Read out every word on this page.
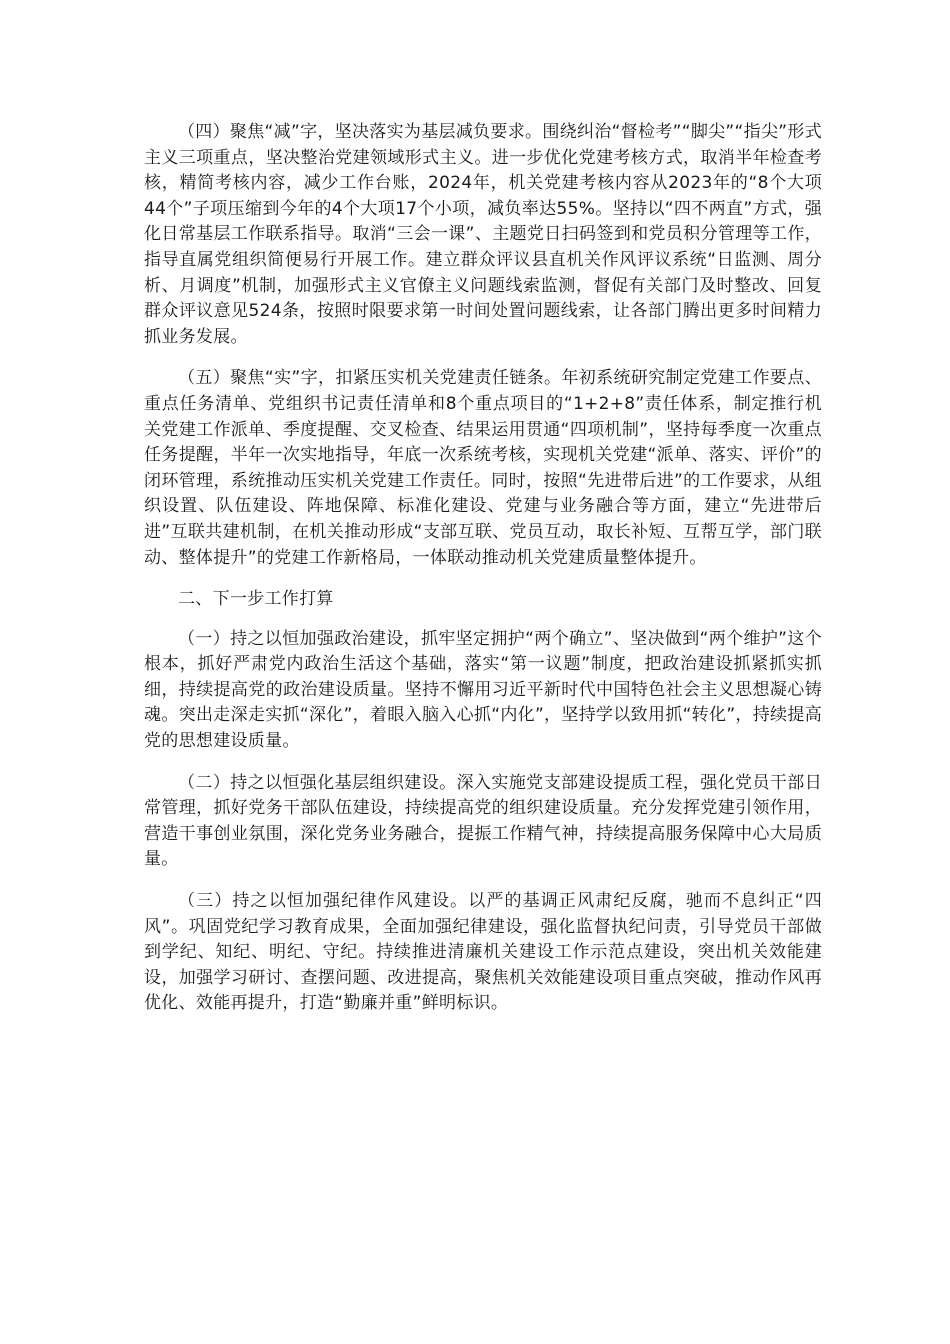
（四）聚焦“减”字，坚决落实为基层减负要求。围绕纠治“督检考”“脚尖”“指尖”形式主义三项重点，坚决整治党建领域形式主义。进一步优化党建考核方式，取消半年检查考核，精简考核内容，减少工作台账，2024年，机关党建考核内容从2023年的“8个大项44个”子项压缩到今年的4个大项17个小项，减负率达55%。坚持以“四不两直”方式，强化日常基层工作联系指导。取消“三会一课”、主题党日扫码签到和党员积分管理等工作，指导直属党组织简便易行开展工作。建立群众评议县直机关作风评议系统“日监测、周分析、月调度”机制，加强形式主义官僚主义问题线索监测，督促有关部门及时整改、回复群众评议意见524条，按照时限要求第一时间处置问题线索，让各部门腾出更多时间精力抓业务发展。

（五）聚焦“实”字，扣紧压实机关党建责任链条。年初系统研究制定党建工作要点、重点任务清单、党组织书记责任清单和8个重点项目的“1+2+8”责任体系，制定推行机关党建工作派单、季度提醒、交叉检查、结果运用贯通“四项机制”，坚持每季度一次重点任务提醒，半年一次实地指导，年底一次系统考核，实现机关党建“派单、落实、评价”的闭环管理，系统推动压实机关党建工作责任。同时，按照“先进带后进”的工作要求，从组织设置、队伍建设、阵地保障、标准化建设、党建与业务融合等方面，建立“先进带后进”互联共建机制，在机关推动形成“支部互联、党员互动，取长补短、互帮互学，部门联动、整体提升”的党建工作新格局，一体联动推动机关党建质量整体提升。

二、下一步工作打算

（一）持之以恒加强政治建设，抓牢坚定拥护“两个确立”、坚决做到“两个维护”这个根本，抓好严肃党内政治生活这个基础，落实“第一议题”制度，把政治建设抓紧抓实抓细，持续提高党的政治建设质量。坚持不懈用习近平新时代中国特色社会主义思想凝心铸魂。突出走深走实抓“深化”，着眼入脑入心抓“内化”，坚持学以致用抓“转化”，持续提高党的思想建设质量。

（二）持之以恒强化基层组织建设。深入实施党支部建设提质工程，强化党员干部日常管理，抓好党务干部队伍建设，持续提高党的组织建设质量。充分发挥党建引领作用，营造干事创业氛围，深化党务业务融合，提振工作精气神，持续提高服务保障中心大局质量。

（三）持之以恒加强纪律作风建设。以严的基调正风肃纪反腐，驰而不息纠正“四风”。巩固党纪学习教育成果，全面加强纪律建设，强化监督执纪问责，引导党员干部做到学纪、知纪、明纪、守纪。持续推进清廉机关建设工作示范点建设，突出机关效能建设，加强学习研讨、查摆问题、改进提高，聚焦机关效能建设项目重点突破，推动作风再优化、效能再提升，打造“勤廉并重”鲜明标识。
